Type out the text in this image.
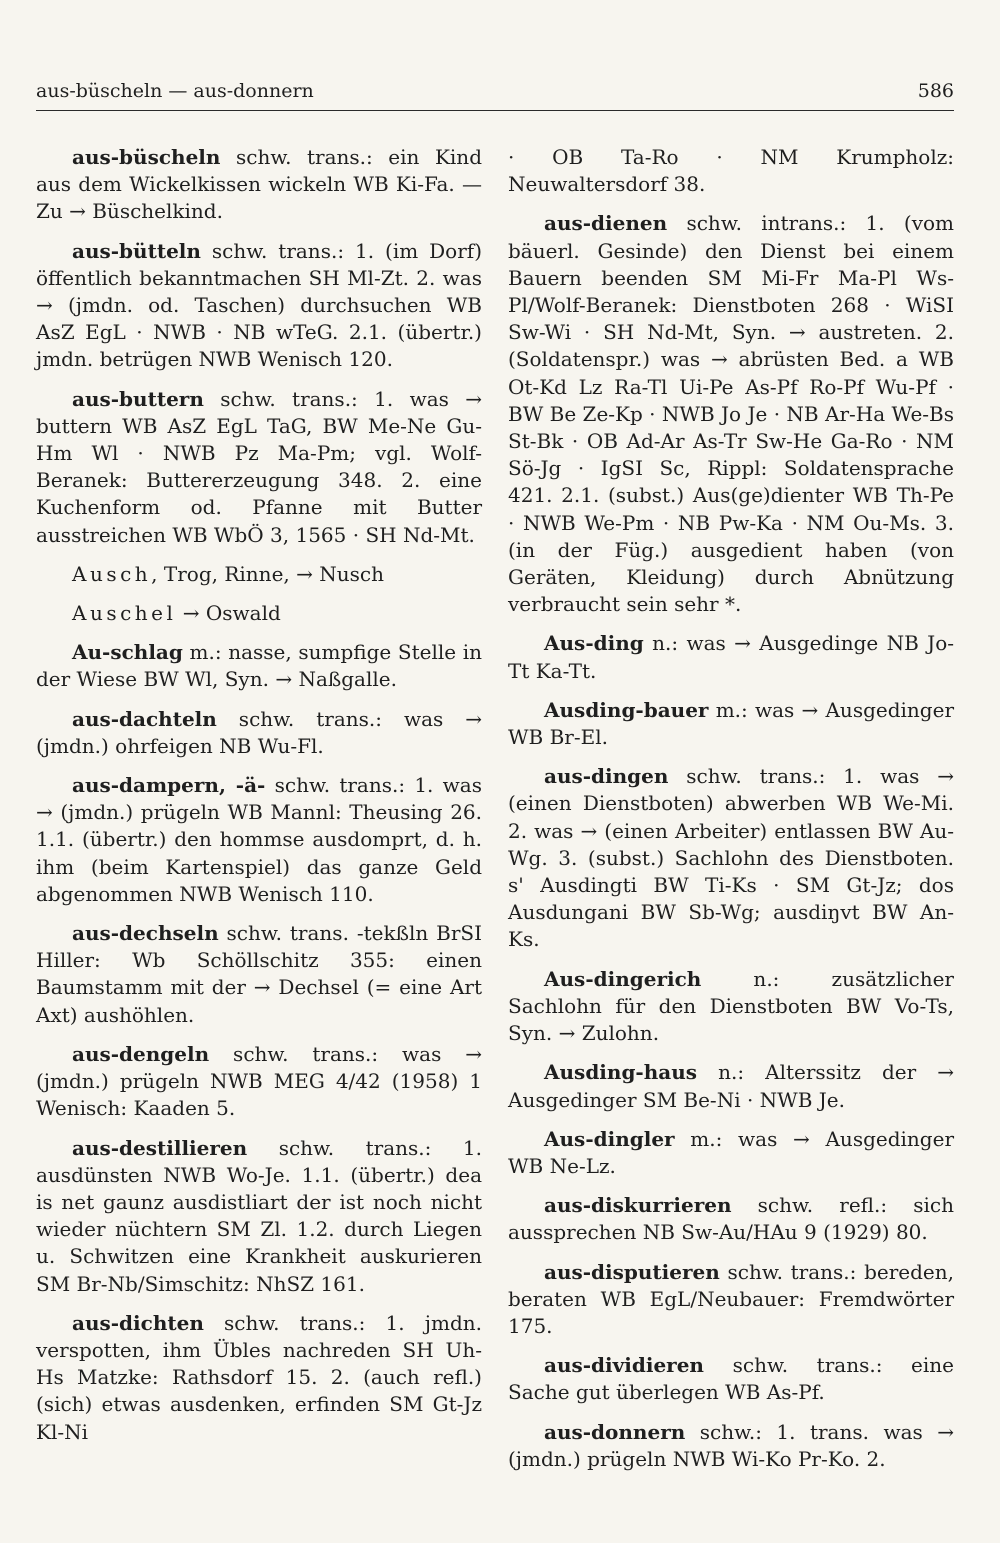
aus-büscheln — aus-donnern	586

aus-büscheln schw. trans.: ein Kind aus dem Wickelkissen wickeln WB Ki-Fa. — Zu → Büschelkind.

aus-bütteln schw. trans.: 1. (im Dorf) öffentlich bekanntmachen SH Ml-Zt. 2. was → (jmdn. od. Taschen) durchsuchen WB AsZ EgL · NWB · NB wTeG. 2.1. (übertr.) jmdn. betrügen NWB Wenisch 120.

aus-buttern schw. trans.: 1. was → buttern WB AsZ EgL TaG, BW Me-Ne Gu-Hm Wl · NWB Pz Ma-Pm; vgl. Wolf-Beranek: Buttererzeugung 348. 2. eine Kuchenform od. Pfanne mit Butter ausstreichen WB WbÖ 3, 1565 · SH Nd-Mt.

Ausch, Trog, Rinne, → Nusch

Auschel → Oswald

Au-schlag m.: nasse, sumpfige Stelle in der Wiese BW Wl, Syn. → Naßgalle.

aus-dachteln schw. trans.: was → (jmdn.) ohrfeigen NB Wu-Fl.

aus-dampern, -ä- schw. trans.: 1. was → (jmdn.) prügeln WB Mannl: Theusing 26. 1.1. (übertr.) den hommse ausdomprt, d. h. ihm (beim Kartenspiel) das ganze Geld abgenommen NWB Wenisch 110.

aus-dechseln schw. trans. -tekßln BrSI Hiller: Wb Schöllschitz 355: einen Baumstamm mit der → Dechsel (= eine Art Axt) aushöhlen.

aus-dengeln schw. trans.: was → (jmdn.) prügeln NWB MEG 4/42 (1958) 1 Wenisch: Kaaden 5.

aus-destillieren schw. trans.: 1. ausdünsten NWB Wo-Je. 1.1. (übertr.) dea is net gaunz ausdistliart der ist noch nicht wieder nüchtern SM Zl. 1.2. durch Liegen u. Schwitzen eine Krankheit auskurieren SM Br-Nb/Simschitz: NhSZ 161.

aus-dichten schw. trans.: 1. jmdn. verspotten, ihm Übles nachreden SH Uh-Hs Matzke: Rathsdorf 15. 2. (auch refl.) (sich) etwas ausdenken, erfinden SM Gt-Jz Kl-Ni

· OB Ta-Ro · NM Krumpholz: Neuwaltersdorf 38.

aus-dienen schw. intrans.: 1. (vom bäuerl. Gesinde) den Dienst bei einem Bauern beenden SM Mi-Fr Ma-Pl Ws-Pl/Wolf-Beranek: Dienstboten 268 · WiSI Sw-Wi · SH Nd-Mt, Syn. → austreten. 2. (Soldatenspr.) was → abrüsten Bed. a WB Ot-Kd Lz Ra-Tl Ui-Pe As-Pf Ro-Pf Wu-Pf · BW Be Ze-Kp · NWB Jo Je · NB Ar-Ha We-Bs St-Bk · OB Ad-Ar As-Tr Sw-He Ga-Ro · NM Sö-Jg · IgSI Sc, Rippl: Soldatensprache 421. 2.1. (subst.) Aus(ge)dienter WB Th-Pe · NWB We-Pm · NB Pw-Ka · NM Ou-Ms. 3. (in der Füg.) ausgedient haben (von Geräten, Kleidung) durch Abnützung verbraucht sein sehr *.

Aus-ding n.: was → Ausgedinge NB Jo-Tt Ka-Tt.

Ausding-bauer m.: was → Ausgedinger WB Br-El.

aus-dingen schw. trans.: 1. was → (einen Dienstboten) abwerben WB We-Mi. 2. was → (einen Arbeiter) entlassen BW Au-Wg. 3. (subst.) Sachlohn des Dienstboten. s' Ausdingti BW Ti-Ks · SM Gt-Jz; dos Ausdungani BW Sb-Wg; ausdiŋvt BW An-Ks.

Aus-dingerich n.: zusätzlicher Sachlohn für den Dienstboten BW Vo-Ts, Syn. → Zulohn.

Ausding-haus n.: Alterssitz der → Ausgedinger SM Be-Ni · NWB Je.

Aus-dingler m.: was → Ausgedinger WB Ne-Lz.

aus-diskurrieren schw. refl.: sich aussprechen NB Sw-Au/HAu 9 (1929) 80.

aus-disputieren schw. trans.: bereden, beraten WB EgL/Neubauer: Fremdwörter 175.

aus-dividieren schw. trans.: eine Sache gut überlegen WB As-Pf.

aus-donnern schw.: 1. trans. was → (jmdn.) prügeln NWB Wi-Ko Pr-Ko. 2.
